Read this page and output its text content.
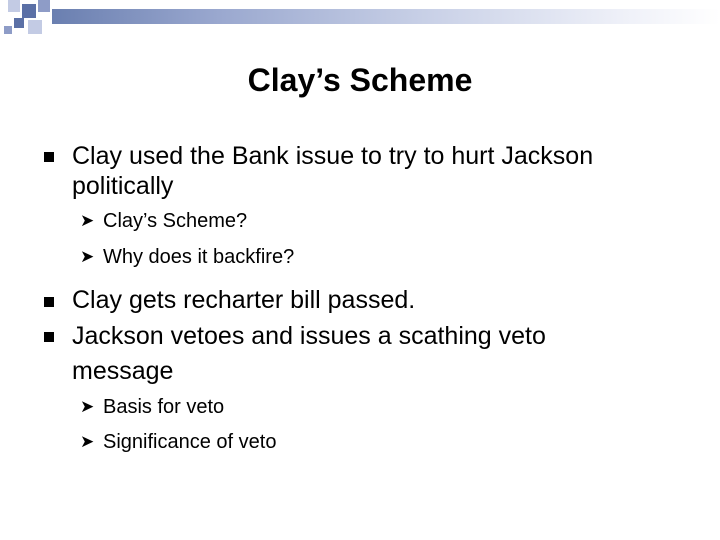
Clay’s Scheme
Clay used the Bank issue to try to hurt Jackson
politically
➤ Clay’s Scheme?
➤ Why does it backfire?
Clay gets recharter bill passed.
Jackson vetoes and issues a scathing veto
message
➤ Basis for veto
➤ Significance of veto
